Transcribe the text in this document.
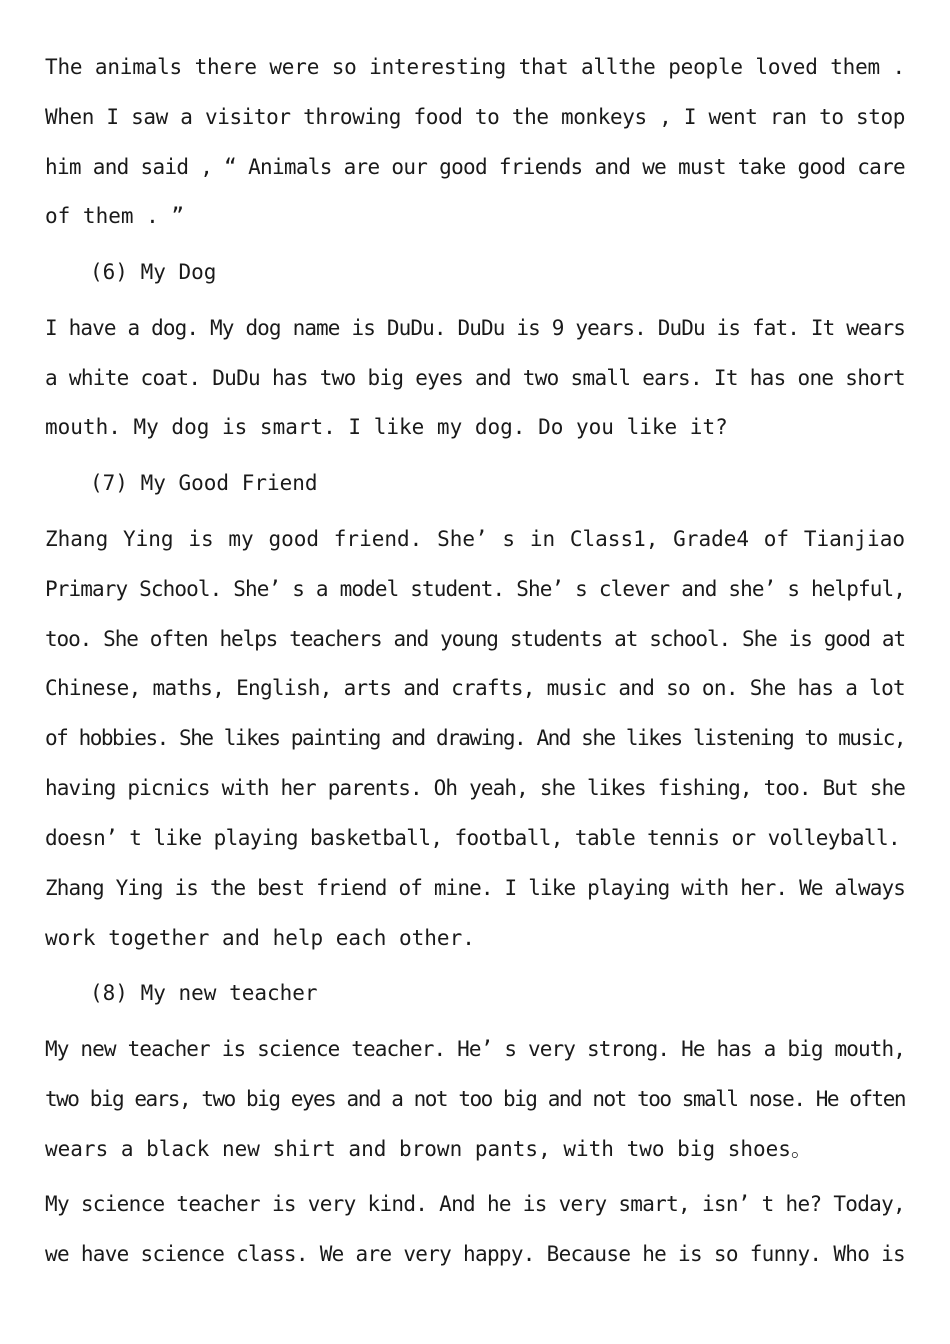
The animals there were so interesting that allthe people loved them .
When I saw a visitor throwing food to the monkeys , I went ran to stop
him and said , “ Animals are our good friends and we must take good care
of them . ”
(6) My Dog
I have a dog. My dog name is DuDu. DuDu is 9 years. DuDu is fat. It wears
a white coat. DuDu has two big eyes and two small ears. It has one short
mouth. My dog is smart. I like my dog. Do you like it?
(7) My Good Friend
Zhang Ying is my good friend. She’ s in Class1, Grade4 of Tianjiao
Primary School. She’ s a model student. She’ s clever and she’ s helpful,
too. She often helps teachers and young students at school. She is good at
Chinese, maths, English, arts and crafts, music and so on. She has a lot
of hobbies. She likes painting and drawing. And she likes listening to music,
having picnics with her parents. Oh yeah, she likes fishing, too. But she
doesn’ t like playing basketball, football, table tennis or volleyball.
Zhang Ying is the best friend of mine. I like playing with her. We always
work together and help each other.
(8) My new teacher
My new teacher is science teacher. He’ s very strong. He has a big mouth,
two big ears, two big eyes and a not too big and not too small nose. He often
wears a black new shirt and brown pants, with two big shoes。
My science teacher is very kind. And he is very smart, isn’ t he? Today,
we have science class. We are very happy. Because he is so funny. Who is
